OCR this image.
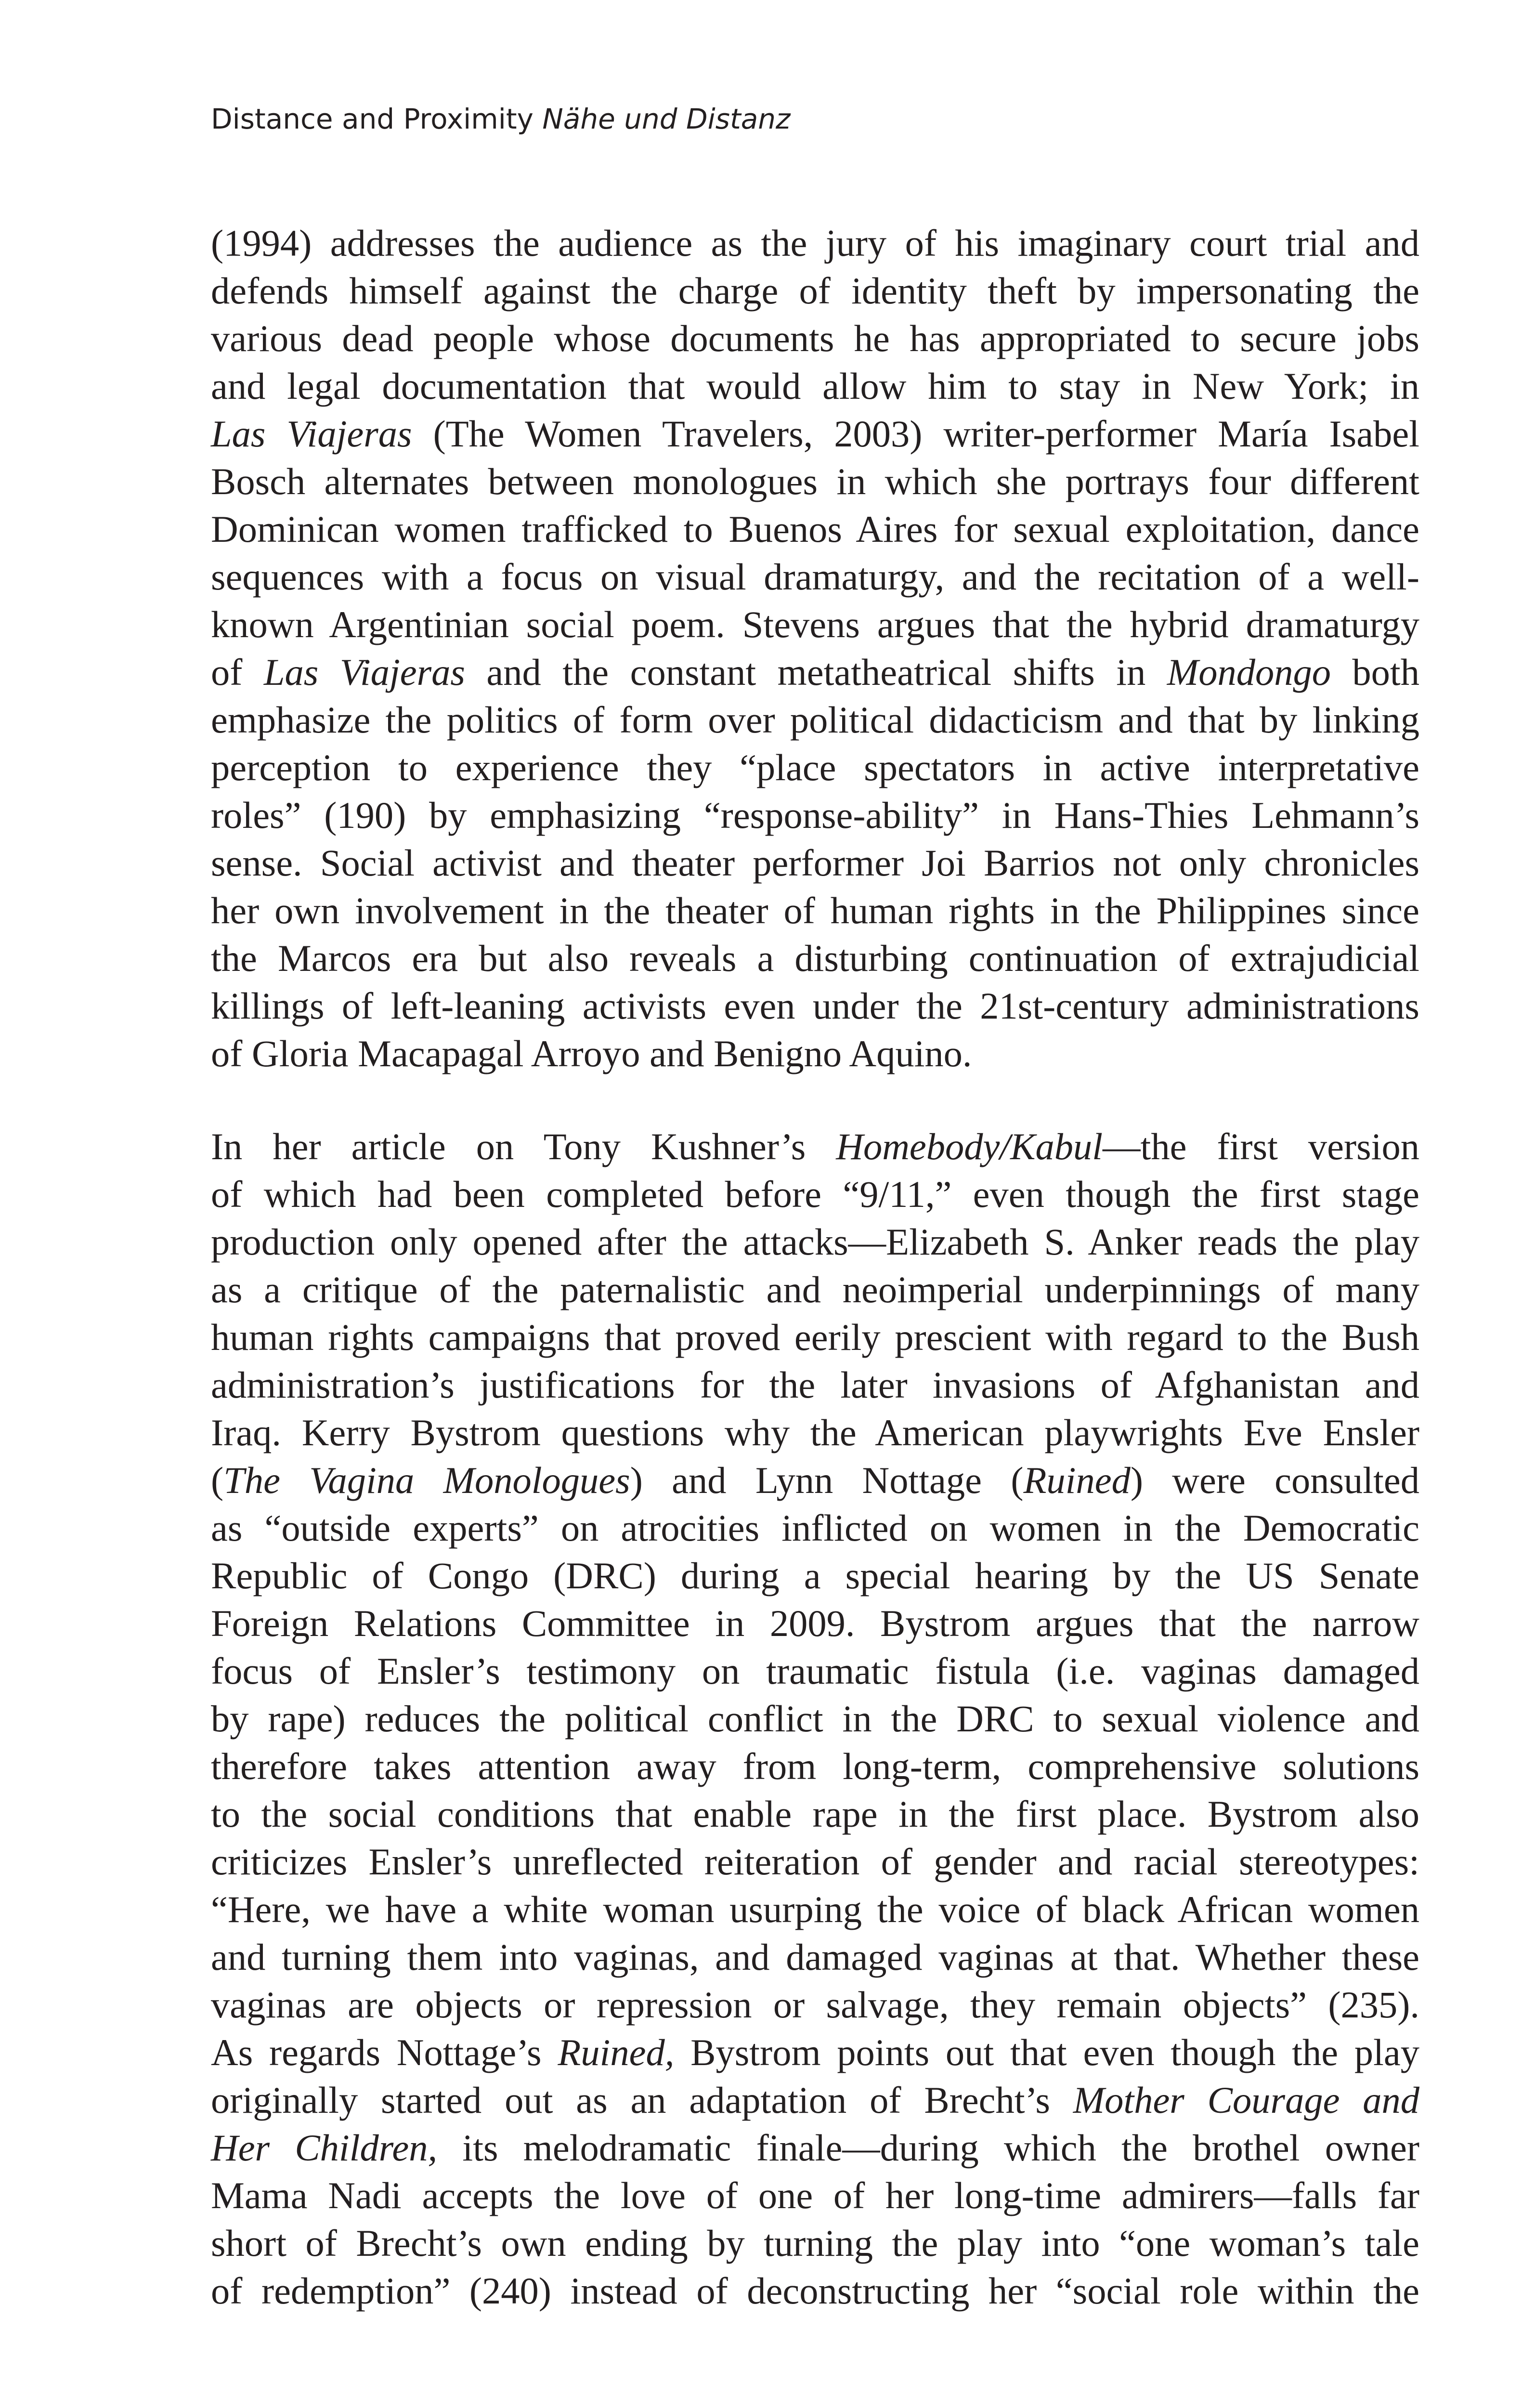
Distance and Proximity Nähe und Distanz
(1994) addresses the audience as the jury of his imaginary court trial and
defends himself against the charge of identity theft by impersonating the
various dead people whose documents he has appropriated to secure jobs
and legal documentation that would allow him to stay in New York; in
Las Viajeras (The Women Travelers, 2003) writer-performer María Isabel
Bosch alternates between monologues in which she portrays four different
Dominican women trafficked to Buenos Aires for sexual exploitation, dance
sequences with a focus on visual dramaturgy, and the recitation of a well-
known Argentinian social poem. Stevens argues that the hybrid dramaturgy
of Las Viajeras and the constant metatheatrical shifts in Mondongo both
emphasize the politics of form over political didacticism and that by linking
perception to experience they “place spectators in active interpretative
roles” (190) by emphasizing “response-ability” in Hans-Thies Lehmann’s
sense. Social activist and theater performer Joi Barrios not only chronicles
her own involvement in the theater of human rights in the Philippines since
the Marcos era but also reveals a disturbing continuation of extrajudicial
killings of left-leaning activists even under the 21st-century administrations
of Gloria Macapagal Arroyo and Benigno Aquino.
In her article on Tony Kushner’s Homebody/Kabul—the first version
of which had been completed before “9/11,” even though the first stage
production only opened after the attacks—Elizabeth S. Anker reads the play
as a critique of the paternalistic and neoimperial underpinnings of many
human rights campaigns that proved eerily prescient with regard to the Bush
administration’s justifications for the later invasions of Afghanistan and
Iraq. Kerry Bystrom questions why the American playwrights Eve Ensler
(The Vagina Monologues) and Lynn Nottage (Ruined) were consulted
as “outside experts” on atrocities inflicted on women in the Democratic
Republic of Congo (DRC) during a special hearing by the US Senate
Foreign Relations Committee in 2009. Bystrom argues that the narrow
focus of Ensler’s testimony on traumatic fistula (i.e. vaginas damaged
by rape) reduces the political conflict in the DRC to sexual violence and
therefore takes attention away from long-term, comprehensive solutions
to the social conditions that enable rape in the first place. Bystrom also
criticizes Ensler’s unreflected reiteration of gender and racial stereotypes:
“Here, we have a white woman usurping the voice of black African women
and turning them into vaginas, and damaged vaginas at that. Whether these
vaginas are objects or repression or salvage, they remain objects” (235).
As regards Nottage’s Ruined, Bystrom points out that even though the play
originally started out as an adaptation of Brecht’s Mother Courage and
Her Children, its melodramatic finale—during which the brothel owner
Mama Nadi accepts the love of one of her long-time admirers—falls far
short of Brecht’s own ending by turning the play into “one woman’s tale
of redemption” (240) instead of deconstructing her “social role within the
